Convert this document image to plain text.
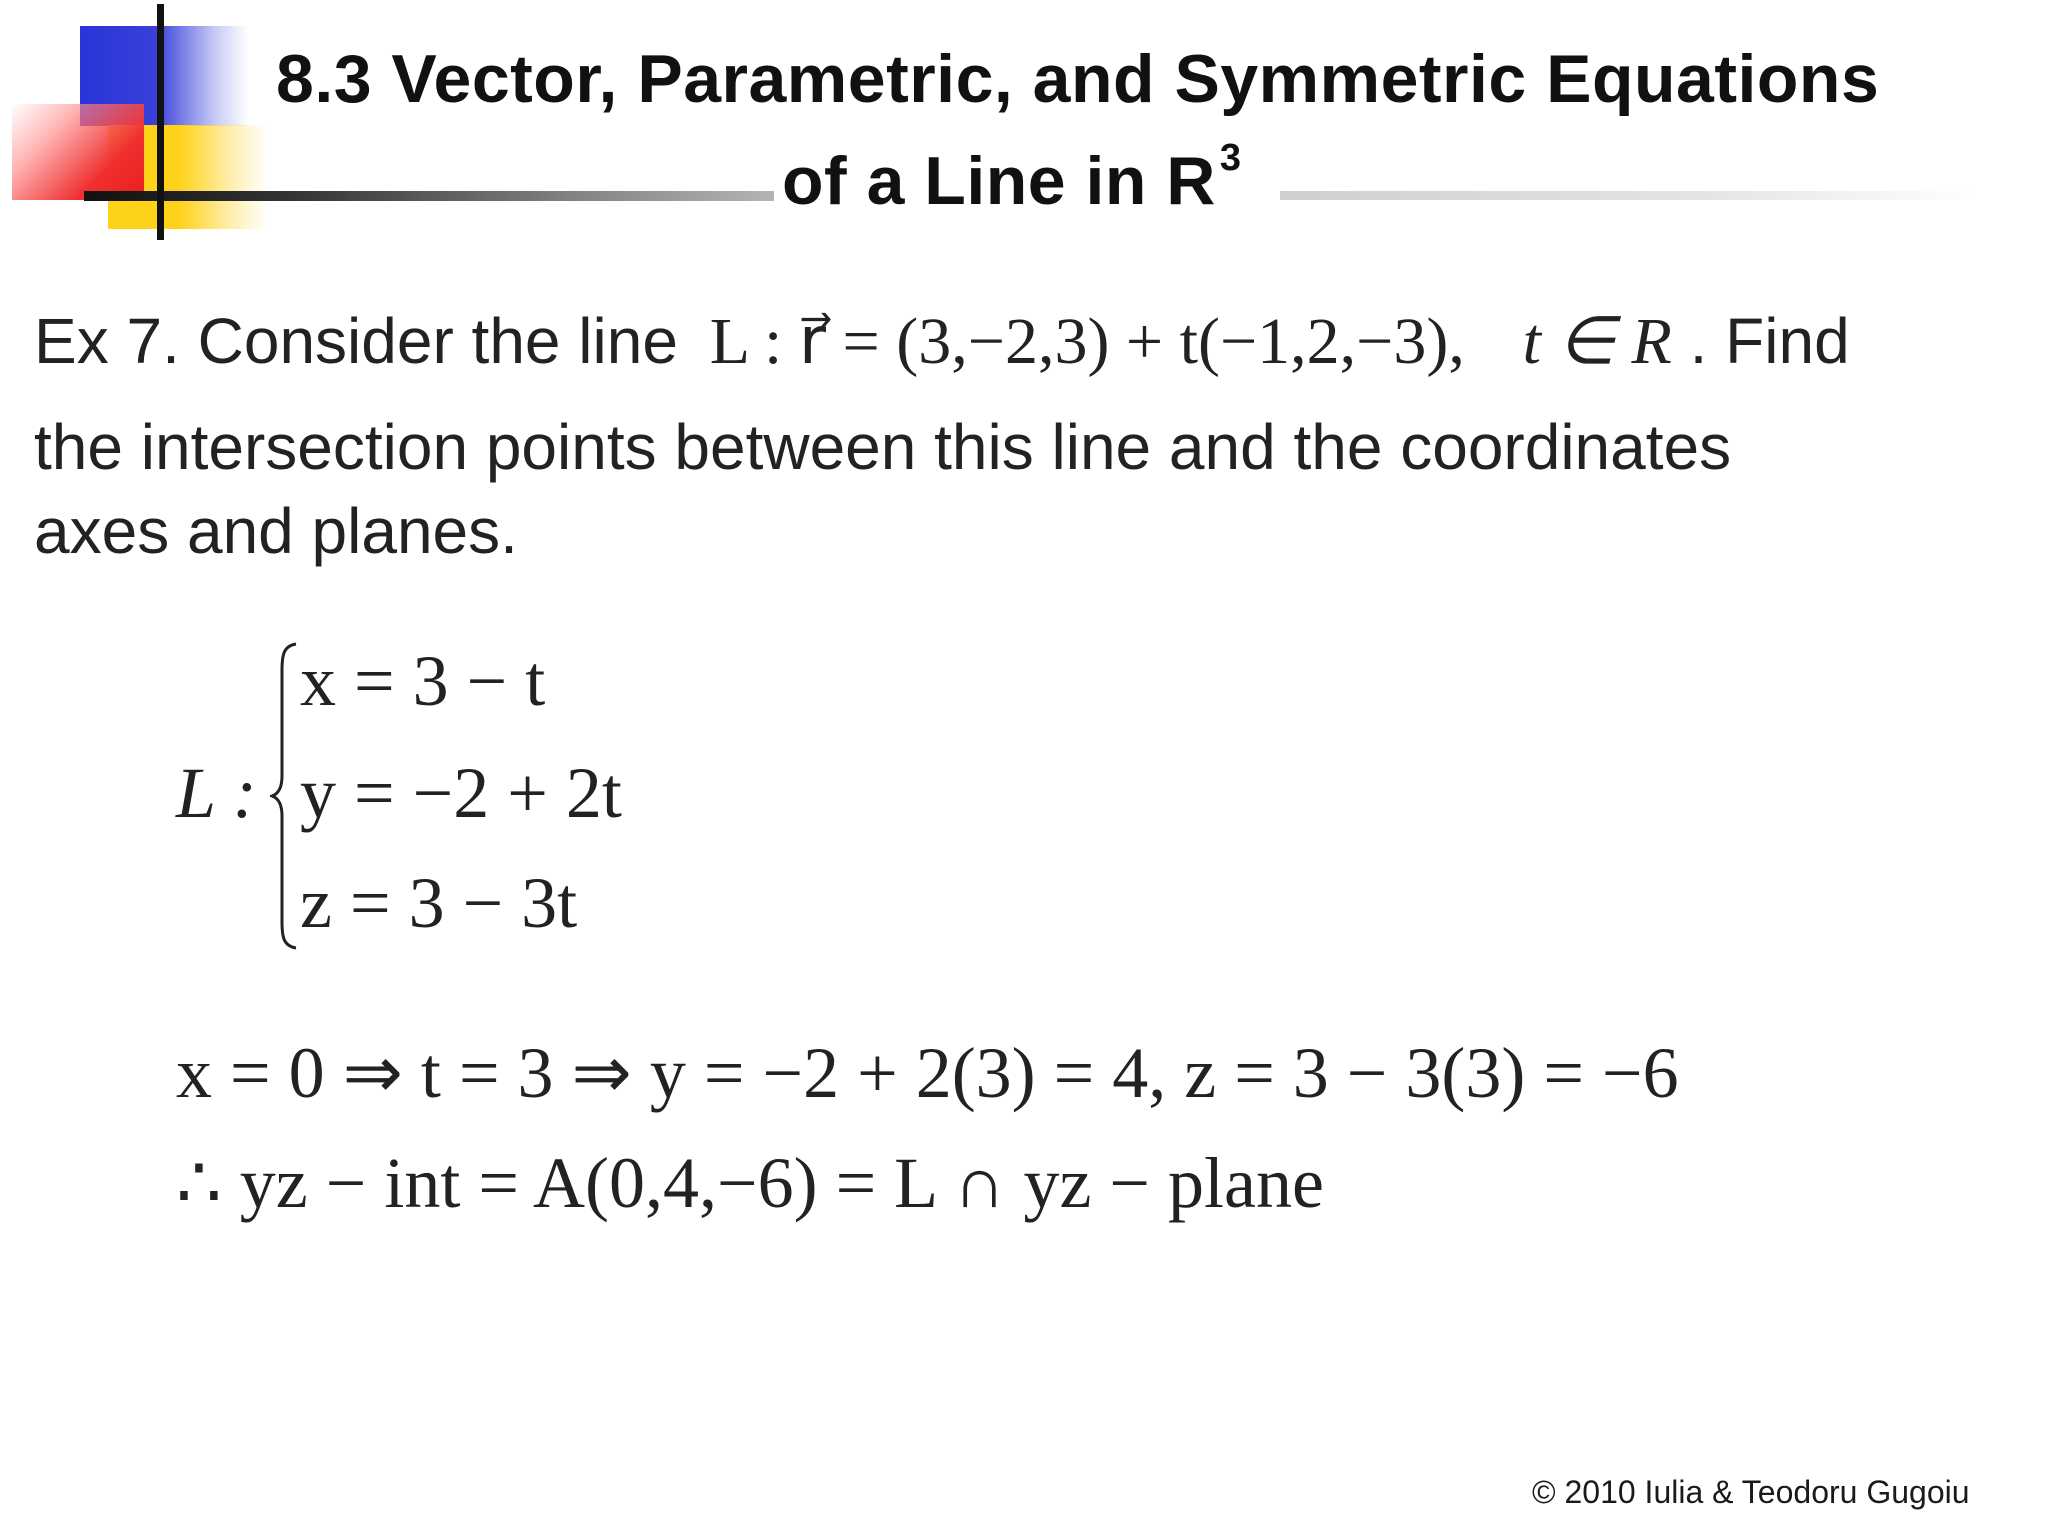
8.3 Vector, Parametric, and Symmetric Equations
of a Line in R $^3$
Ex 7. Consider the line L : r⃗ = (3,−2,3) + t(−1,2,−3), t ∈ R . Find
the intersection points between this line and the coordinates
axes and planes.
L :
x = 3 − t
y = −2 + 2t
z = 3 − 3t
x = 0 ⇒ t = 3 ⇒ y = −2 + 2(3) = 4, z = 3 − 3(3) = −6
∴ yz − int = A(0,4,−6) = L ∩ yz − plane
© 2010 Iulia & Teodoru Gugoiu
